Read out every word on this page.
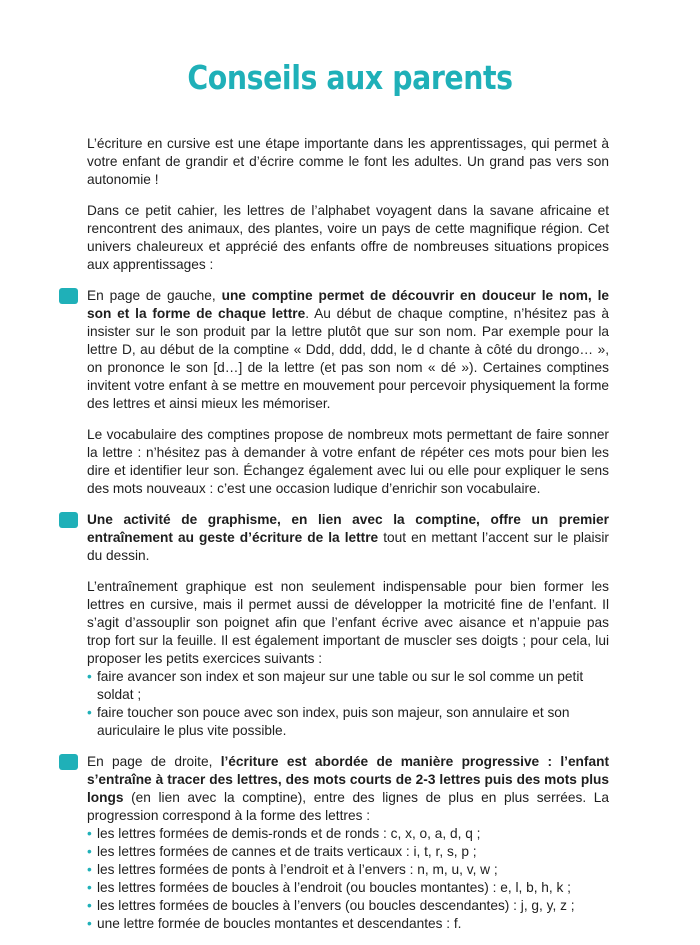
Conseils aux parents

L’écriture en cursive est une étape importante dans les apprentissages, qui permet à votre enfant de grandir et d’écrire comme le font les adultes. Un grand pas vers son autonomie !

Dans ce petit cahier, les lettres de l’alphabet voyagent dans la savane africaine et rencontrent des animaux, des plantes, voire un pays de cette magnifique région. Cet univers chaleureux et apprécié des enfants offre de nombreuses situations propices aux apprentissages :

En page de gauche, une comptine permet de découvrir en douceur le nom, le son et la forme de chaque lettre. Au début de chaque comptine, n’hésitez pas à insister sur le son produit par la lettre plutôt que sur son nom. Par exemple pour la lettre D, au début de la comptine « Ddd, ddd, ddd, le d chante à côté du drongo… », on prononce le son [d…] de la lettre (et pas son nom « dé »). Certaines comptines invitent votre enfant à se mettre en mouvement pour percevoir physiquement la forme des lettres et ainsi mieux les mémoriser.

Le vocabulaire des comptines propose de nombreux mots permettant de faire sonner la lettre : n’hésitez pas à demander à votre enfant de répéter ces mots pour bien les dire et identifier leur son. Échangez également avec lui ou elle pour expliquer le sens des mots nouveaux : c’est une occasion ludique d’enrichir son vocabulaire.

Une activité de graphisme, en lien avec la comptine, offre un premier entraînement au geste d’écriture de la lettre tout en mettant l’accent sur le plaisir du dessin.

L’entraînement graphique est non seulement indispensable pour bien former les lettres en cursive, mais il permet aussi de développer la motricité fine de l’enfant. Il s’agit d’assouplir son poignet afin que l’enfant écrive avec aisance et n’appuie pas trop fort sur la feuille. Il est également important de muscler ses doigts ; pour cela, lui proposer les petits exercices suivants :

• faire avancer son index et son majeur sur une table ou sur le sol comme un petit soldat ;
• faire toucher son pouce avec son index, puis son majeur, son annulaire et son auriculaire le plus vite possible.

En page de droite, l’écriture est abordée de manière progressive : l’enfant s’entraîne à tracer des lettres, des mots courts de 2-3 lettres puis des mots plus longs (en lien avec la comptine), entre des lignes de plus en plus serrées. La progression correspond à la forme des lettres :

• les lettres formées de demis-ronds et de ronds : c, x, o, a, d, q ;
• les lettres formées de cannes et de traits verticaux : i, t, r, s, p ;
• les lettres formées de ponts à l’endroit et à l’envers : n, m, u, v, w ;
• les lettres formées de boucles à l’endroit (ou boucles montantes) : e, l, b, h, k ;
• les lettres formées de boucles à l’envers (ou boucles descendantes) : j, g, y, z ;
• une lettre formée de boucles montantes et descendantes : f.
